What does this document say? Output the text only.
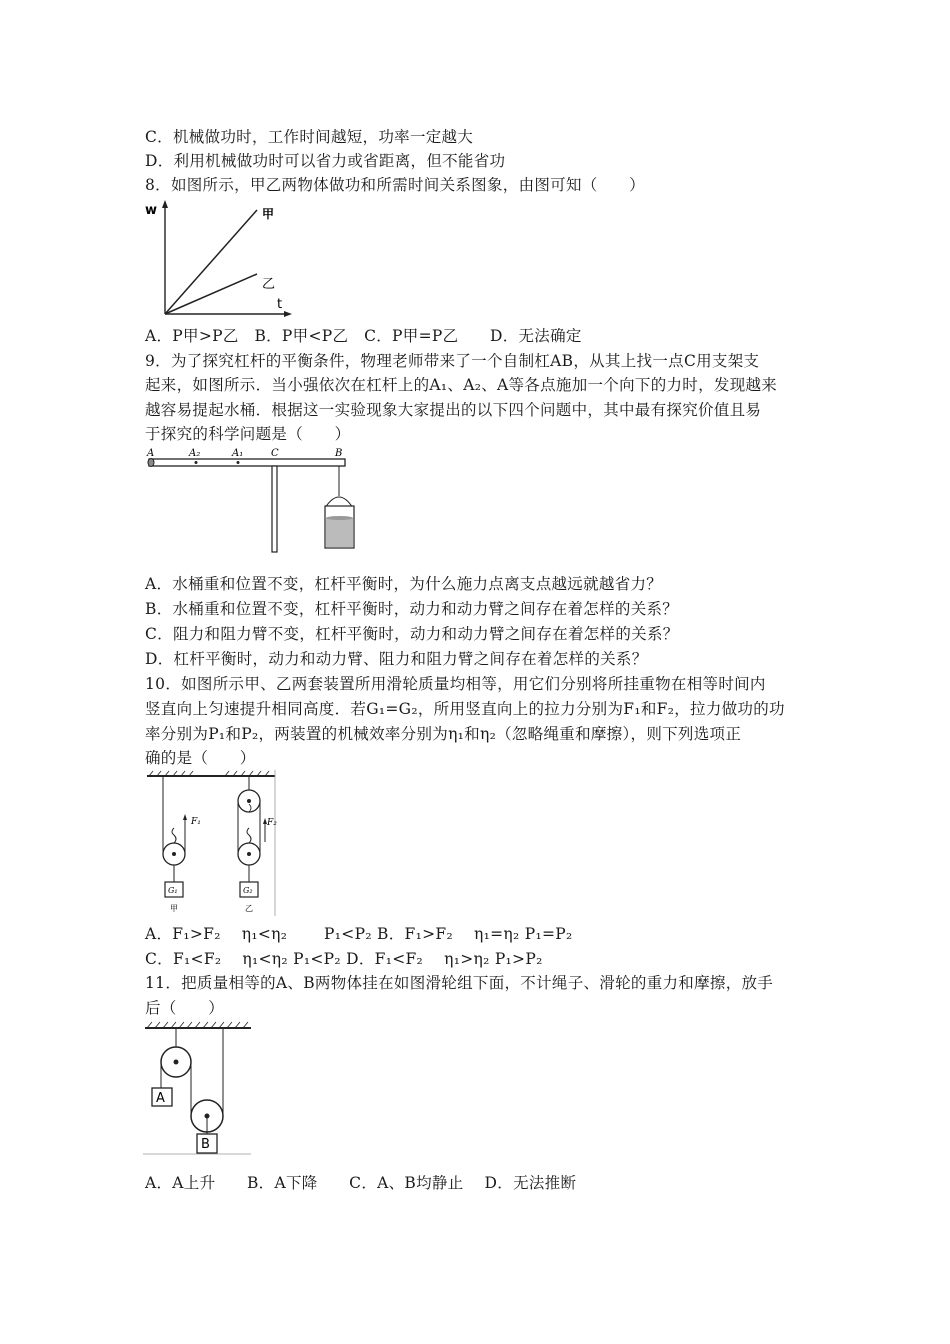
C．机械做功时，工作时间越短，功率一定越大
D．利用机械做功时可以省力或省距离，但不能省功
8．如图所示，甲乙两物体做功和所需时间关系图象，由图可知（　　）
w
t
甲
乙
A．P甲>P乙　B．P甲<P乙　C．P甲=P乙　　D．无法确定
9．为了探究杠杆的平衡条件，物理老师带来了一个自制杠AB，从其上找一点C用支架支
起来，如图所示．当小强依次在杠杆上的A₁、A₂、A等各点施加一个向下的力时，发现越来
越容易提起水桶．根据这一实验现象大家提出的以下四个问题中，其中最有探究价值且易
于探究的科学问题是（　　）
A	A₂	A₁	C	B
A．水桶重和位置不变，杠杆平衡时，为什么施力点离支点越远就越省力？
B．水桶重和位置不变，杠杆平衡时，动力和动力臂之间存在着怎样的关系？
C．阻力和阻力臂不变，杠杆平衡时，动力和动力臂之间存在着怎样的关系？
D．杠杆平衡时，动力和动力臂、阻力和阻力臂之间存在着怎样的关系？
10．如图所示甲、乙两套装置所用滑轮质量均相等，用它们分别将所挂重物在相等时间内
竖直向上匀速提升相同高度．若G₁=G₂，所用竖直向上的拉力分别为F₁和F₂，拉力做功的功
率分别为P₁和P₂，两装置的机械效率分别为η₁和η₂（忽略绳重和摩擦），则下列选项正
确的是（　　）
F₁
G₁
甲
F₂
G₂
乙
A．F₁>F₂　 η₁<η₂　　 P₁<P₂ B．F₁>F₂　 η₁=η₂ P₁=P₂
C．F₁<F₂　 η₁<η₂ P₁<P₂ D．F₁<F₂　 η₁>η₂ P₁>P₂
11．把质量相等的A、B两物体挂在如图滑轮组下面，不计绳子、滑轮的重力和摩擦，放手
后（　　）
A
B
A．A上升　　B．A下降　　C．A、B均静止　 D．无法推断
